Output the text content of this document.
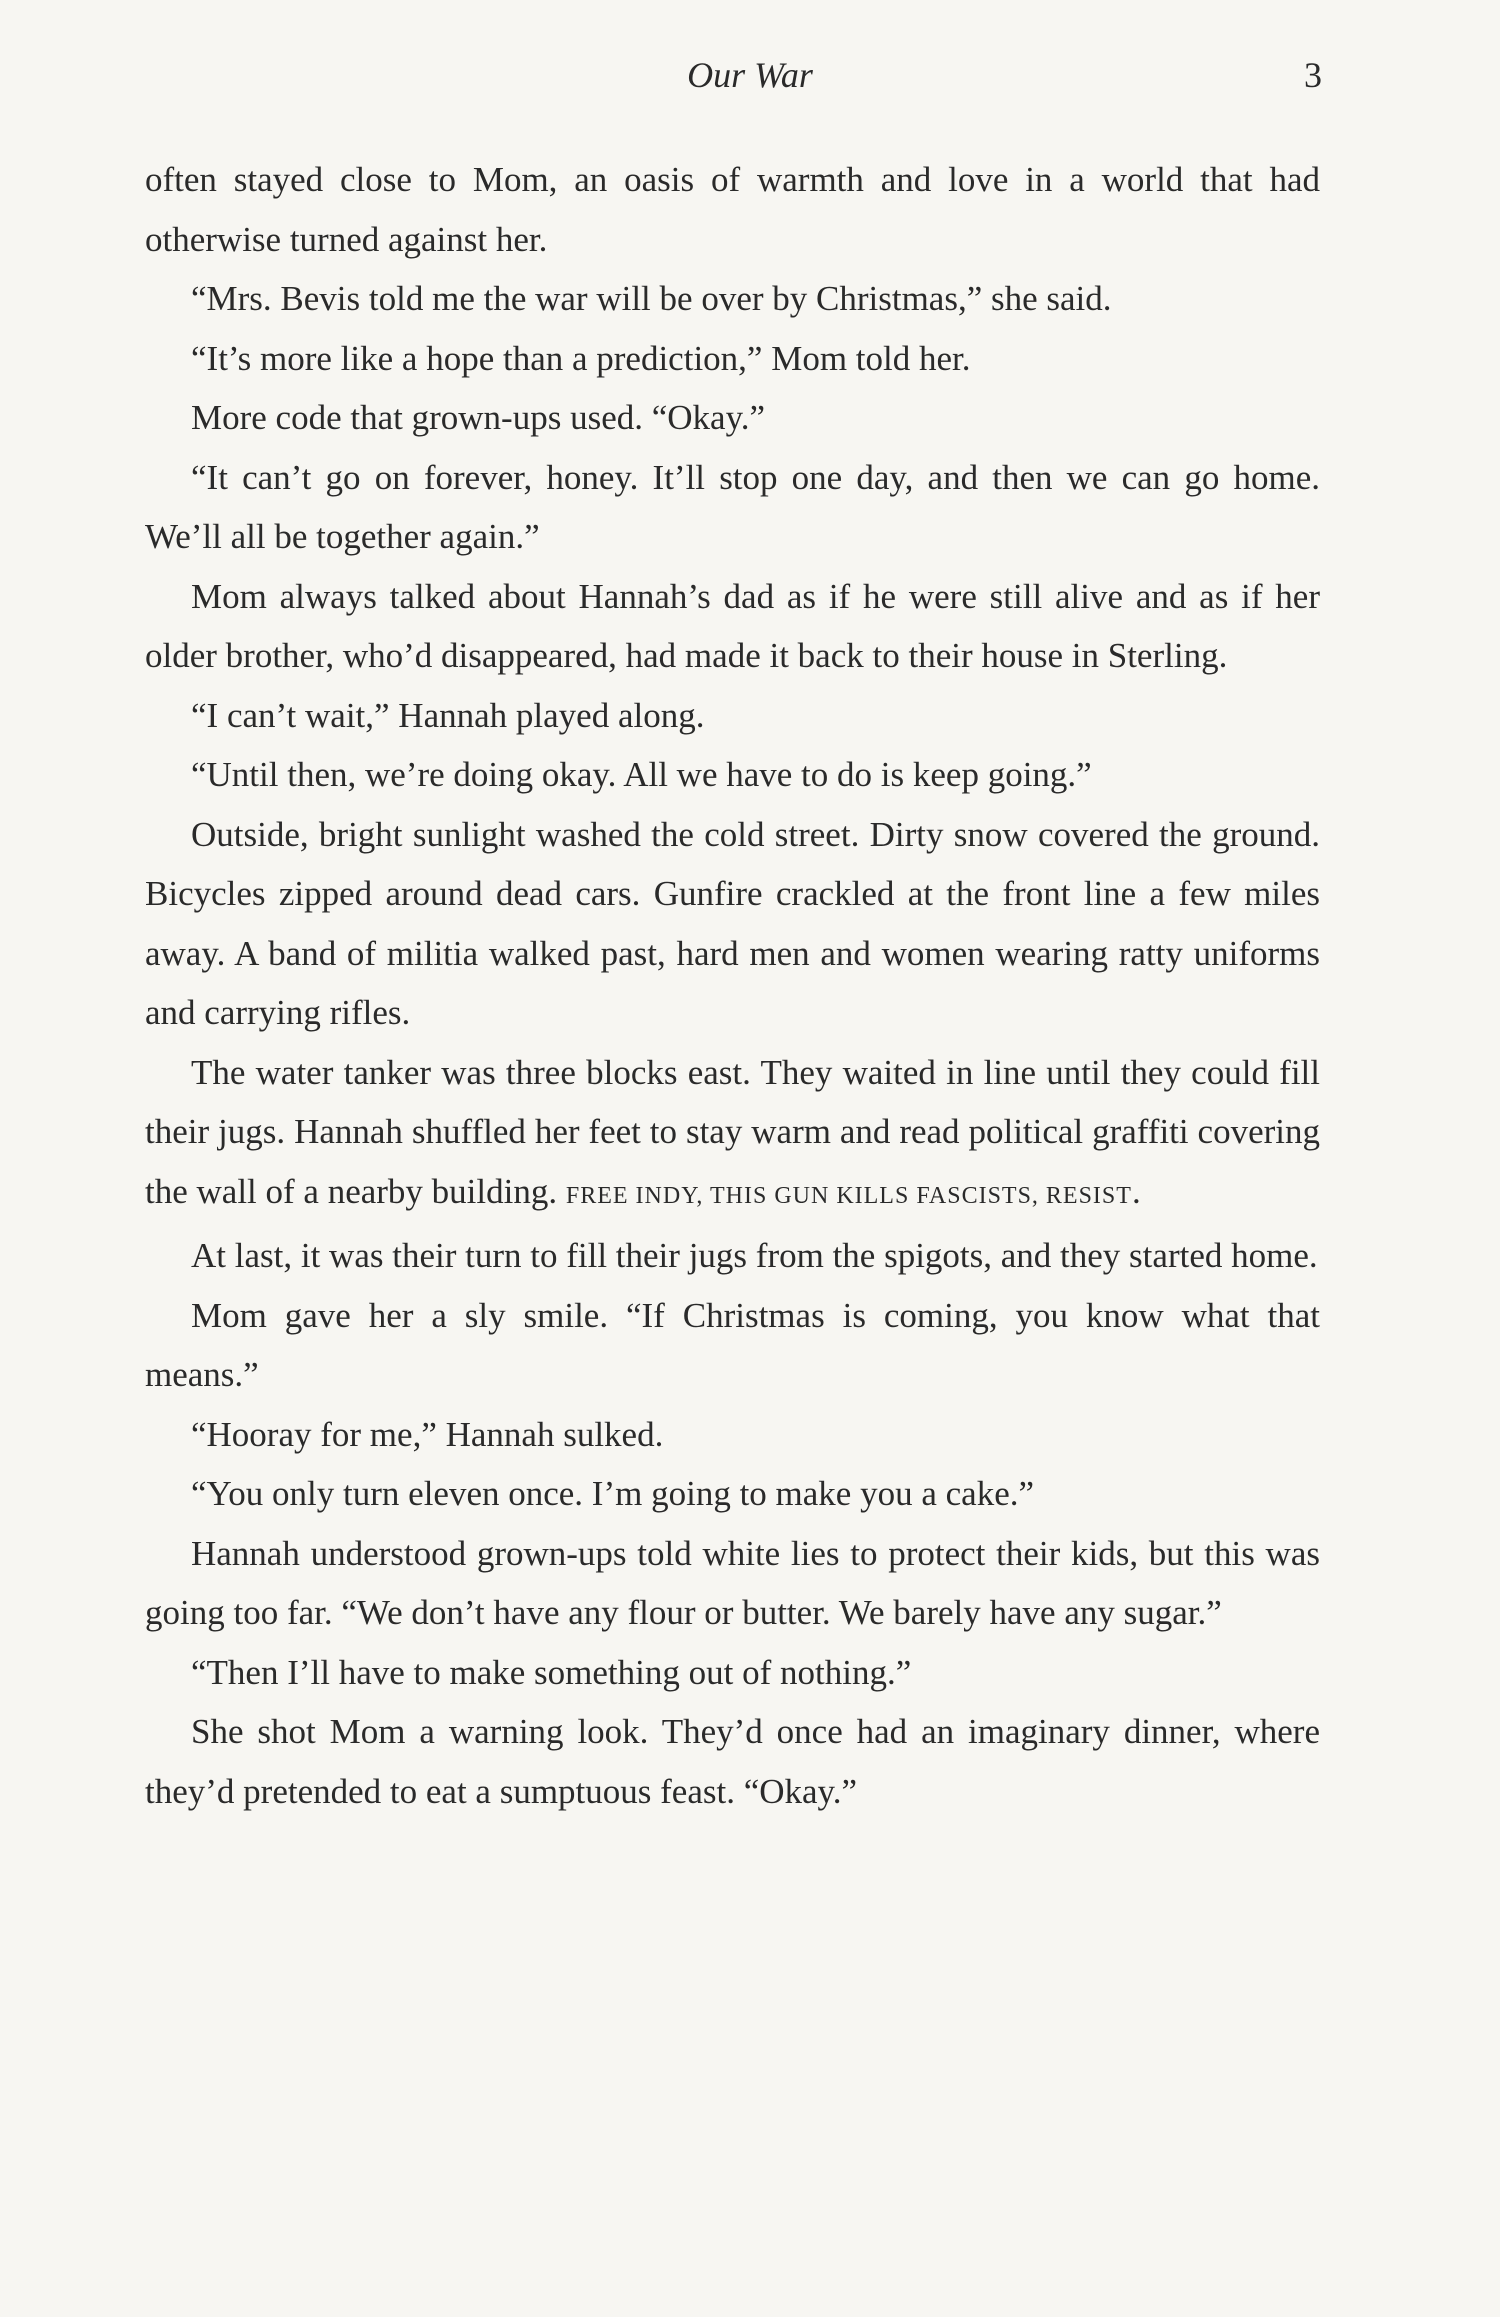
Our War	3

often stayed close to Mom, an oasis of warmth and love in a world that had otherwise turned against her.

“Mrs. Bevis told me the war will be over by Christmas,” she said.

“It’s more like a hope than a prediction,” Mom told her.

More code that grown-ups used. “Okay.”

“It can’t go on forever, honey. It’ll stop one day, and then we can go home. We’ll all be together again.”

Mom always talked about Hannah’s dad as if he were still alive and as if her older brother, who’d disappeared, had made it back to their house in Sterling.

“I can’t wait,” Hannah played along.

“Until then, we’re doing okay. All we have to do is keep going.”

Outside, bright sunlight washed the cold street. Dirty snow covered the ground. Bicycles zipped around dead cars. Gunfire crackled at the front line a few miles away. A band of militia walked past, hard men and women wearing ratty uniforms and carrying rifles.

The water tanker was three blocks east. They waited in line until they could fill their jugs. Hannah shuffled her feet to stay warm and read political graffiti covering the wall of a nearby building. FREE INDY, THIS GUN KILLS FASCISTS, RESIST.

At last, it was their turn to fill their jugs from the spigots, and they started home.

Mom gave her a sly smile. “If Christmas is coming, you know what that means.”

“Hooray for me,” Hannah sulked.

“You only turn eleven once. I’m going to make you a cake.”

Hannah understood grown-ups told white lies to protect their kids, but this was going too far. “We don’t have any flour or butter. We barely have any sugar.”

“Then I’ll have to make something out of nothing.”

She shot Mom a warning look. They’d once had an imaginary dinner, where they’d pretended to eat a sumptuous feast. “Okay.”
